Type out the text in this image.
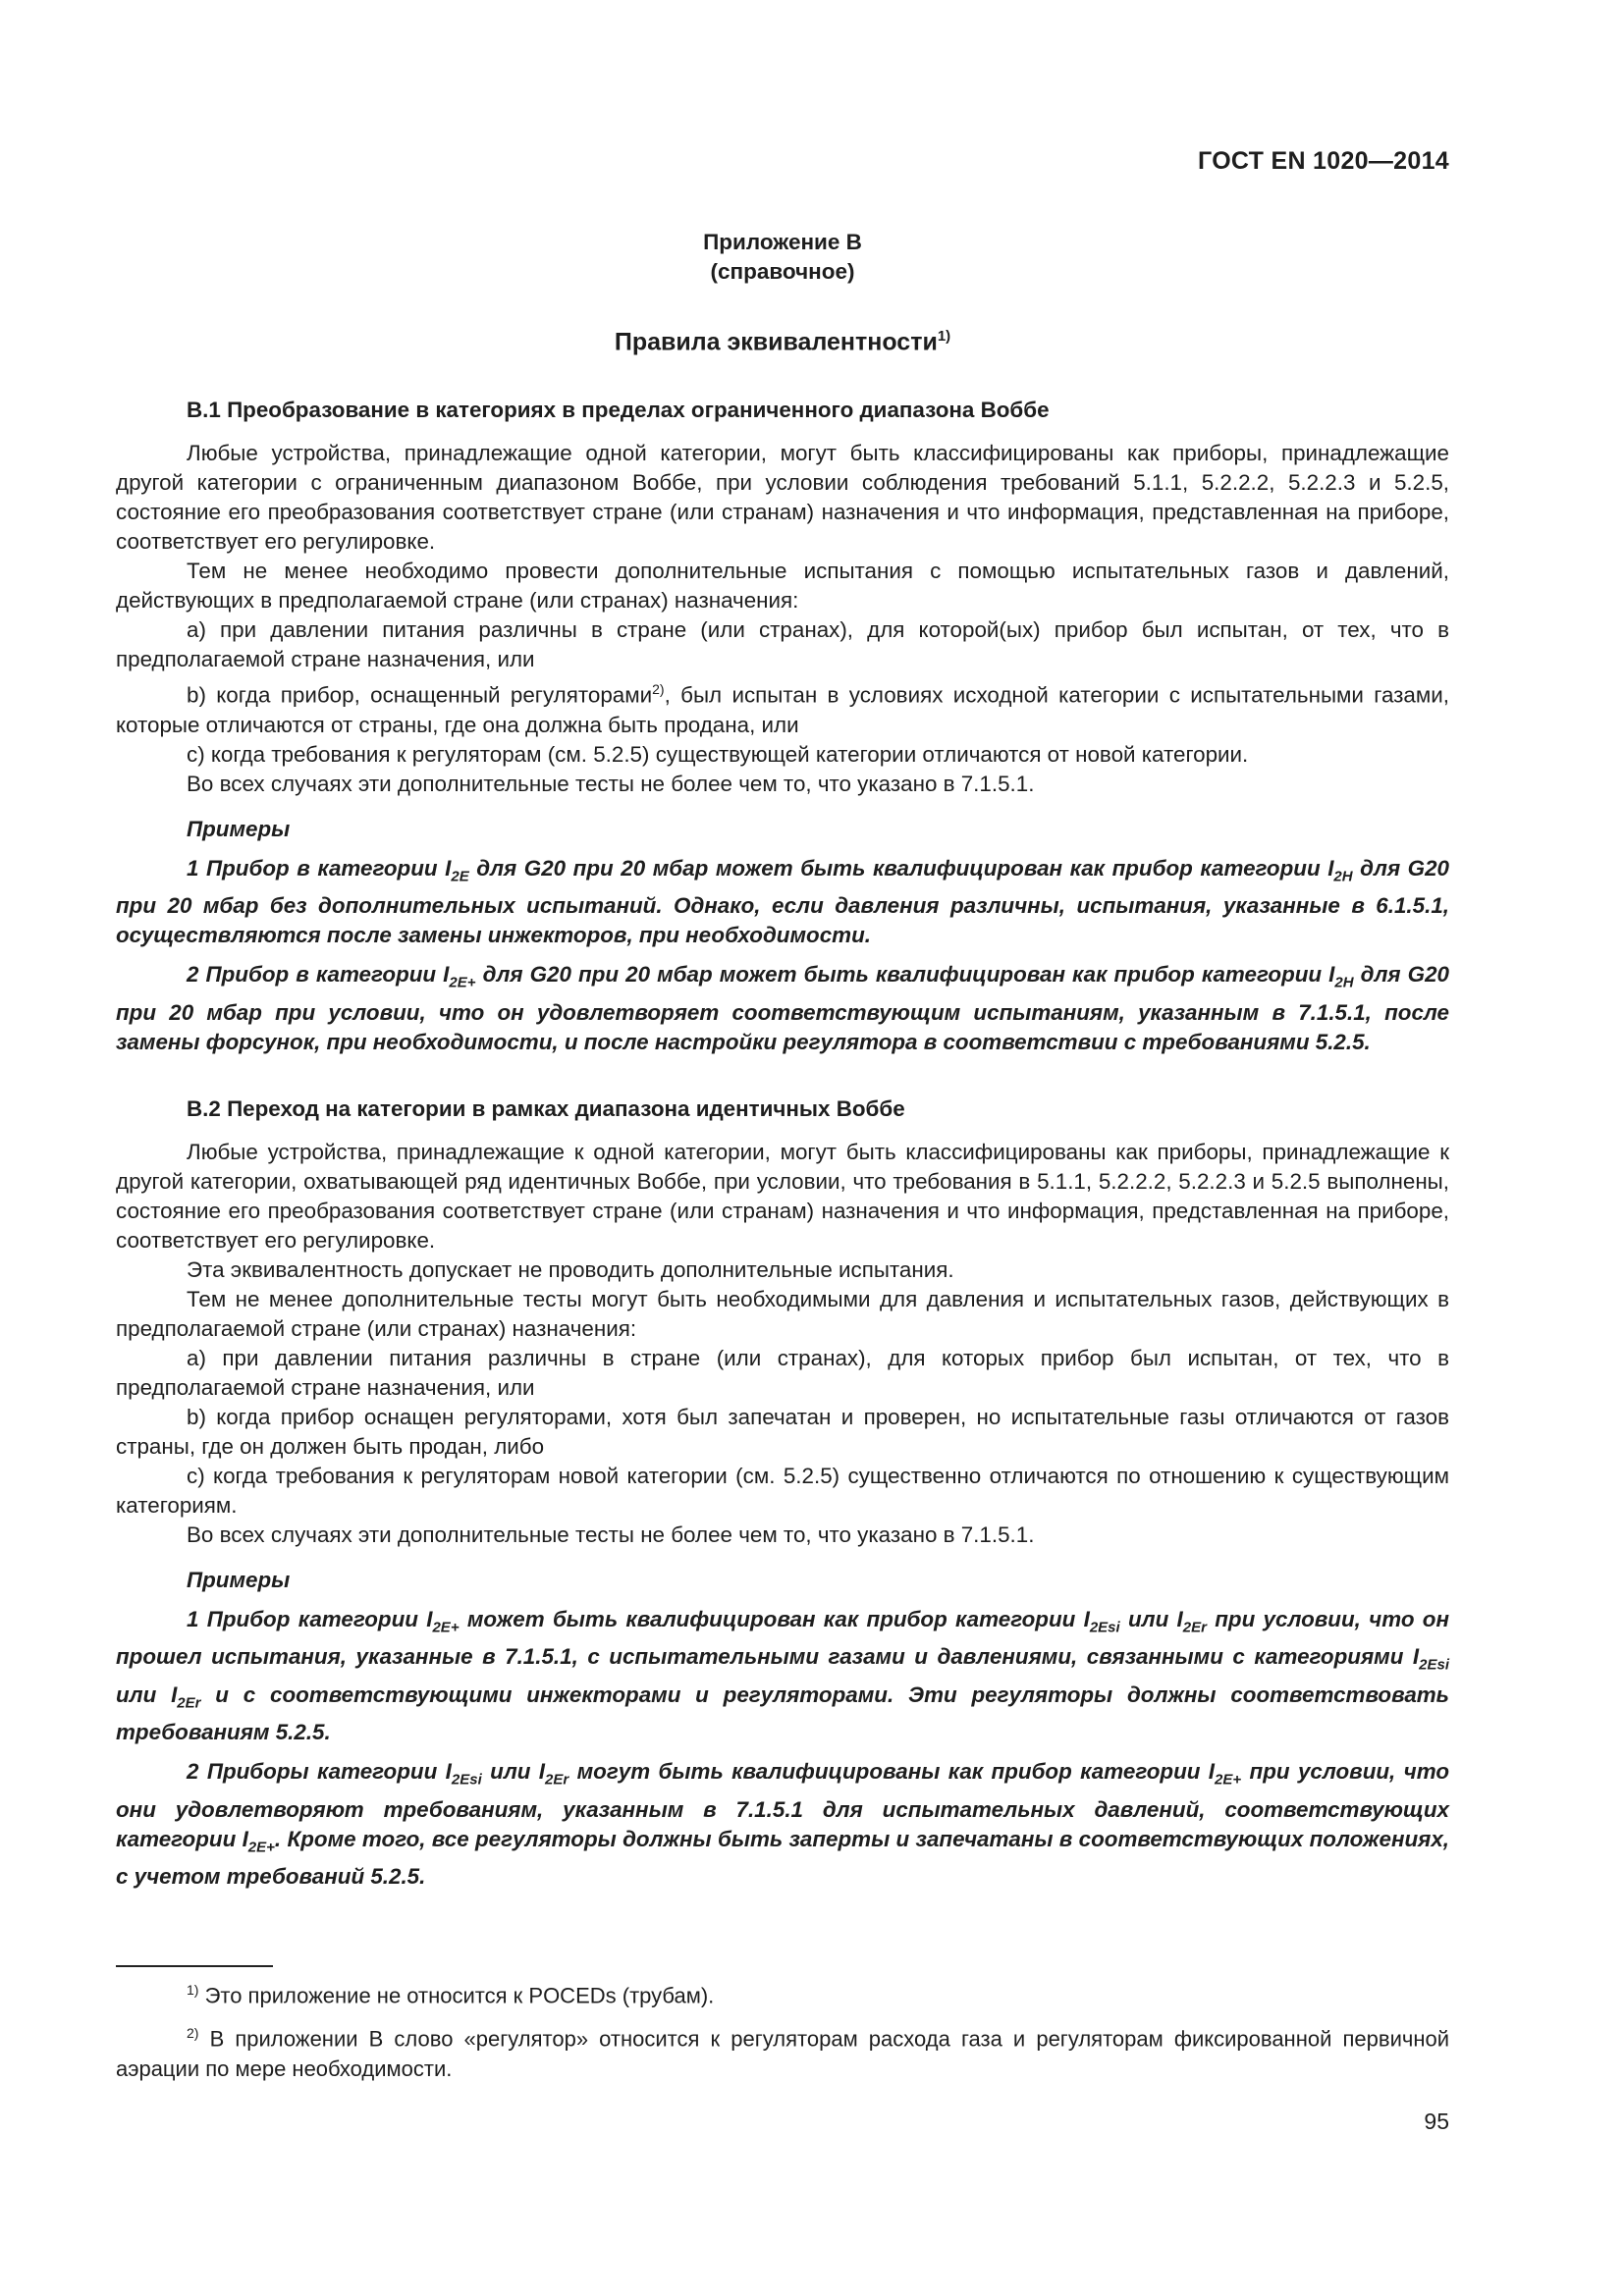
ГОСТ EN 1020—2014
Приложение В
(справочное)
Правила эквивалентности$^{1)}$
B.1 Преобразование в категориях в пределах ограниченного диапазона Воббе

Любые устройства, принадлежащие одной категории, могут быть классифицированы как приборы, принадлежащие другой категории с ограниченным диапазоном Воббе, при условии соблюдения требований 5.1.1, 5.2.2.2, 5.2.2.3 и 5.2.5, состояние его преобразования соответствует стране (или странам) назначения и что информация, представленная на приборе, соответствует его регулировке.

Тем не менее необходимо провести дополнительные испытания с помощью испытательных газов и давлений, действующих в предполагаемой стране (или странах) назначения:

а) при давлении питания различны в стране (или странах), для которой(ых) прибор был испытан, от тех, что в предполагаемой стране назначения, или

b) когда прибор, оснащенный регуляторами$^{2)}$, был испытан в условиях исходной категории с испытательными газами, которые отличаются от страны, где она должна быть продана, или

с) когда требования к регуляторам (см. 5.2.5) существующей категории отличаются от новой категории.

Во всех случаях эти дополнительные тесты не более чем то, что указано в 7.1.5.1.

Примеры

1 Прибор в категории $I_{2E}$ для G20 при 20 мбар может быть квалифицирован как прибор категории $I_{2H}$ для G20 при 20 мбар без дополнительных испытаний. Однако, если давления различны, испытания, указанные в 6.1.5.1, осуществляются после замены инжекторов, при необходимости.

2 Прибор в категории $I_{2E+}$ для G20 при 20 мбар может быть квалифицирован как прибор категории $I_{2H}$ для G20 при 20 мбар при условии, что он удовлетворяет соответствующим испытаниям, указанным в 7.1.5.1, после замены форсунок, при необходимости, и после настройки регулятора в соответствии с требованиями 5.2.5.

B.2 Переход на категории в рамках диапазона идентичных Воббе

Любые устройства, принадлежащие к одной категории, могут быть классифицированы как приборы, принадлежащие к другой категории, охватывающей ряд идентичных Воббе, при условии, что требования в 5.1.1, 5.2.2.2, 5.2.2.3 и 5.2.5 выполнены, состояние его преобразования соответствует стране (или странам) назначения и что информация, представленная на приборе, соответствует его регулировке.

Эта эквивалентность допускает не проводить дополнительные испытания.

Тем не менее дополнительные тесты могут быть необходимыми для давления и испытательных газов, действующих в предполагаемой стране (или странах) назначения:

а) при давлении питания различны в стране (или странах), для которых прибор был испытан, от тех, что в предполагаемой стране назначения, или

b) когда прибор оснащен регуляторами, хотя был запечатан и проверен, но испытательные газы отличаются от газов страны, где он должен быть продан, либо

с) когда требования к регуляторам новой категории (см. 5.2.5) существенно отличаются по отношению к существующим категориям.

Во всех случаях эти дополнительные тесты не более чем то, что указано в 7.1.5.1.

Примеры

1 Прибор категории $I_{2E+}$ может быть квалифицирован как прибор категории $I_{2Esi}$ или $I_{2Er}$ при условии, что он прошел испытания, указанные в 7.1.5.1, с испытательными газами и давлениями, связанными с категориями $I_{2Esi}$ или $I_{2Er}$ и с соответствующими инжекторами и регуляторами. Эти регуляторы должны соответствовать требованиям 5.2.5.

2 Приборы категории $I_{2Esi}$ или $I_{2Er}$ могут быть квалифицированы как прибор категории $I_{2E+}$ при условии, что они удовлетворяют требованиям, указанным в 7.1.5.1 для испытательных давлений, соответствующих категории $I_{2E+}$. Кроме того, все регуляторы должны быть заперты и запечатаны в соответствующих положениях, с учетом требований 5.2.5.

$^{1)}$ Это приложение не относится к POCEDs (трубам).

$^{2)}$ В приложении В слово «регулятор» относится к регуляторам расхода газа и регуляторам фиксированной первичной аэрации по мере необходимости.

95
